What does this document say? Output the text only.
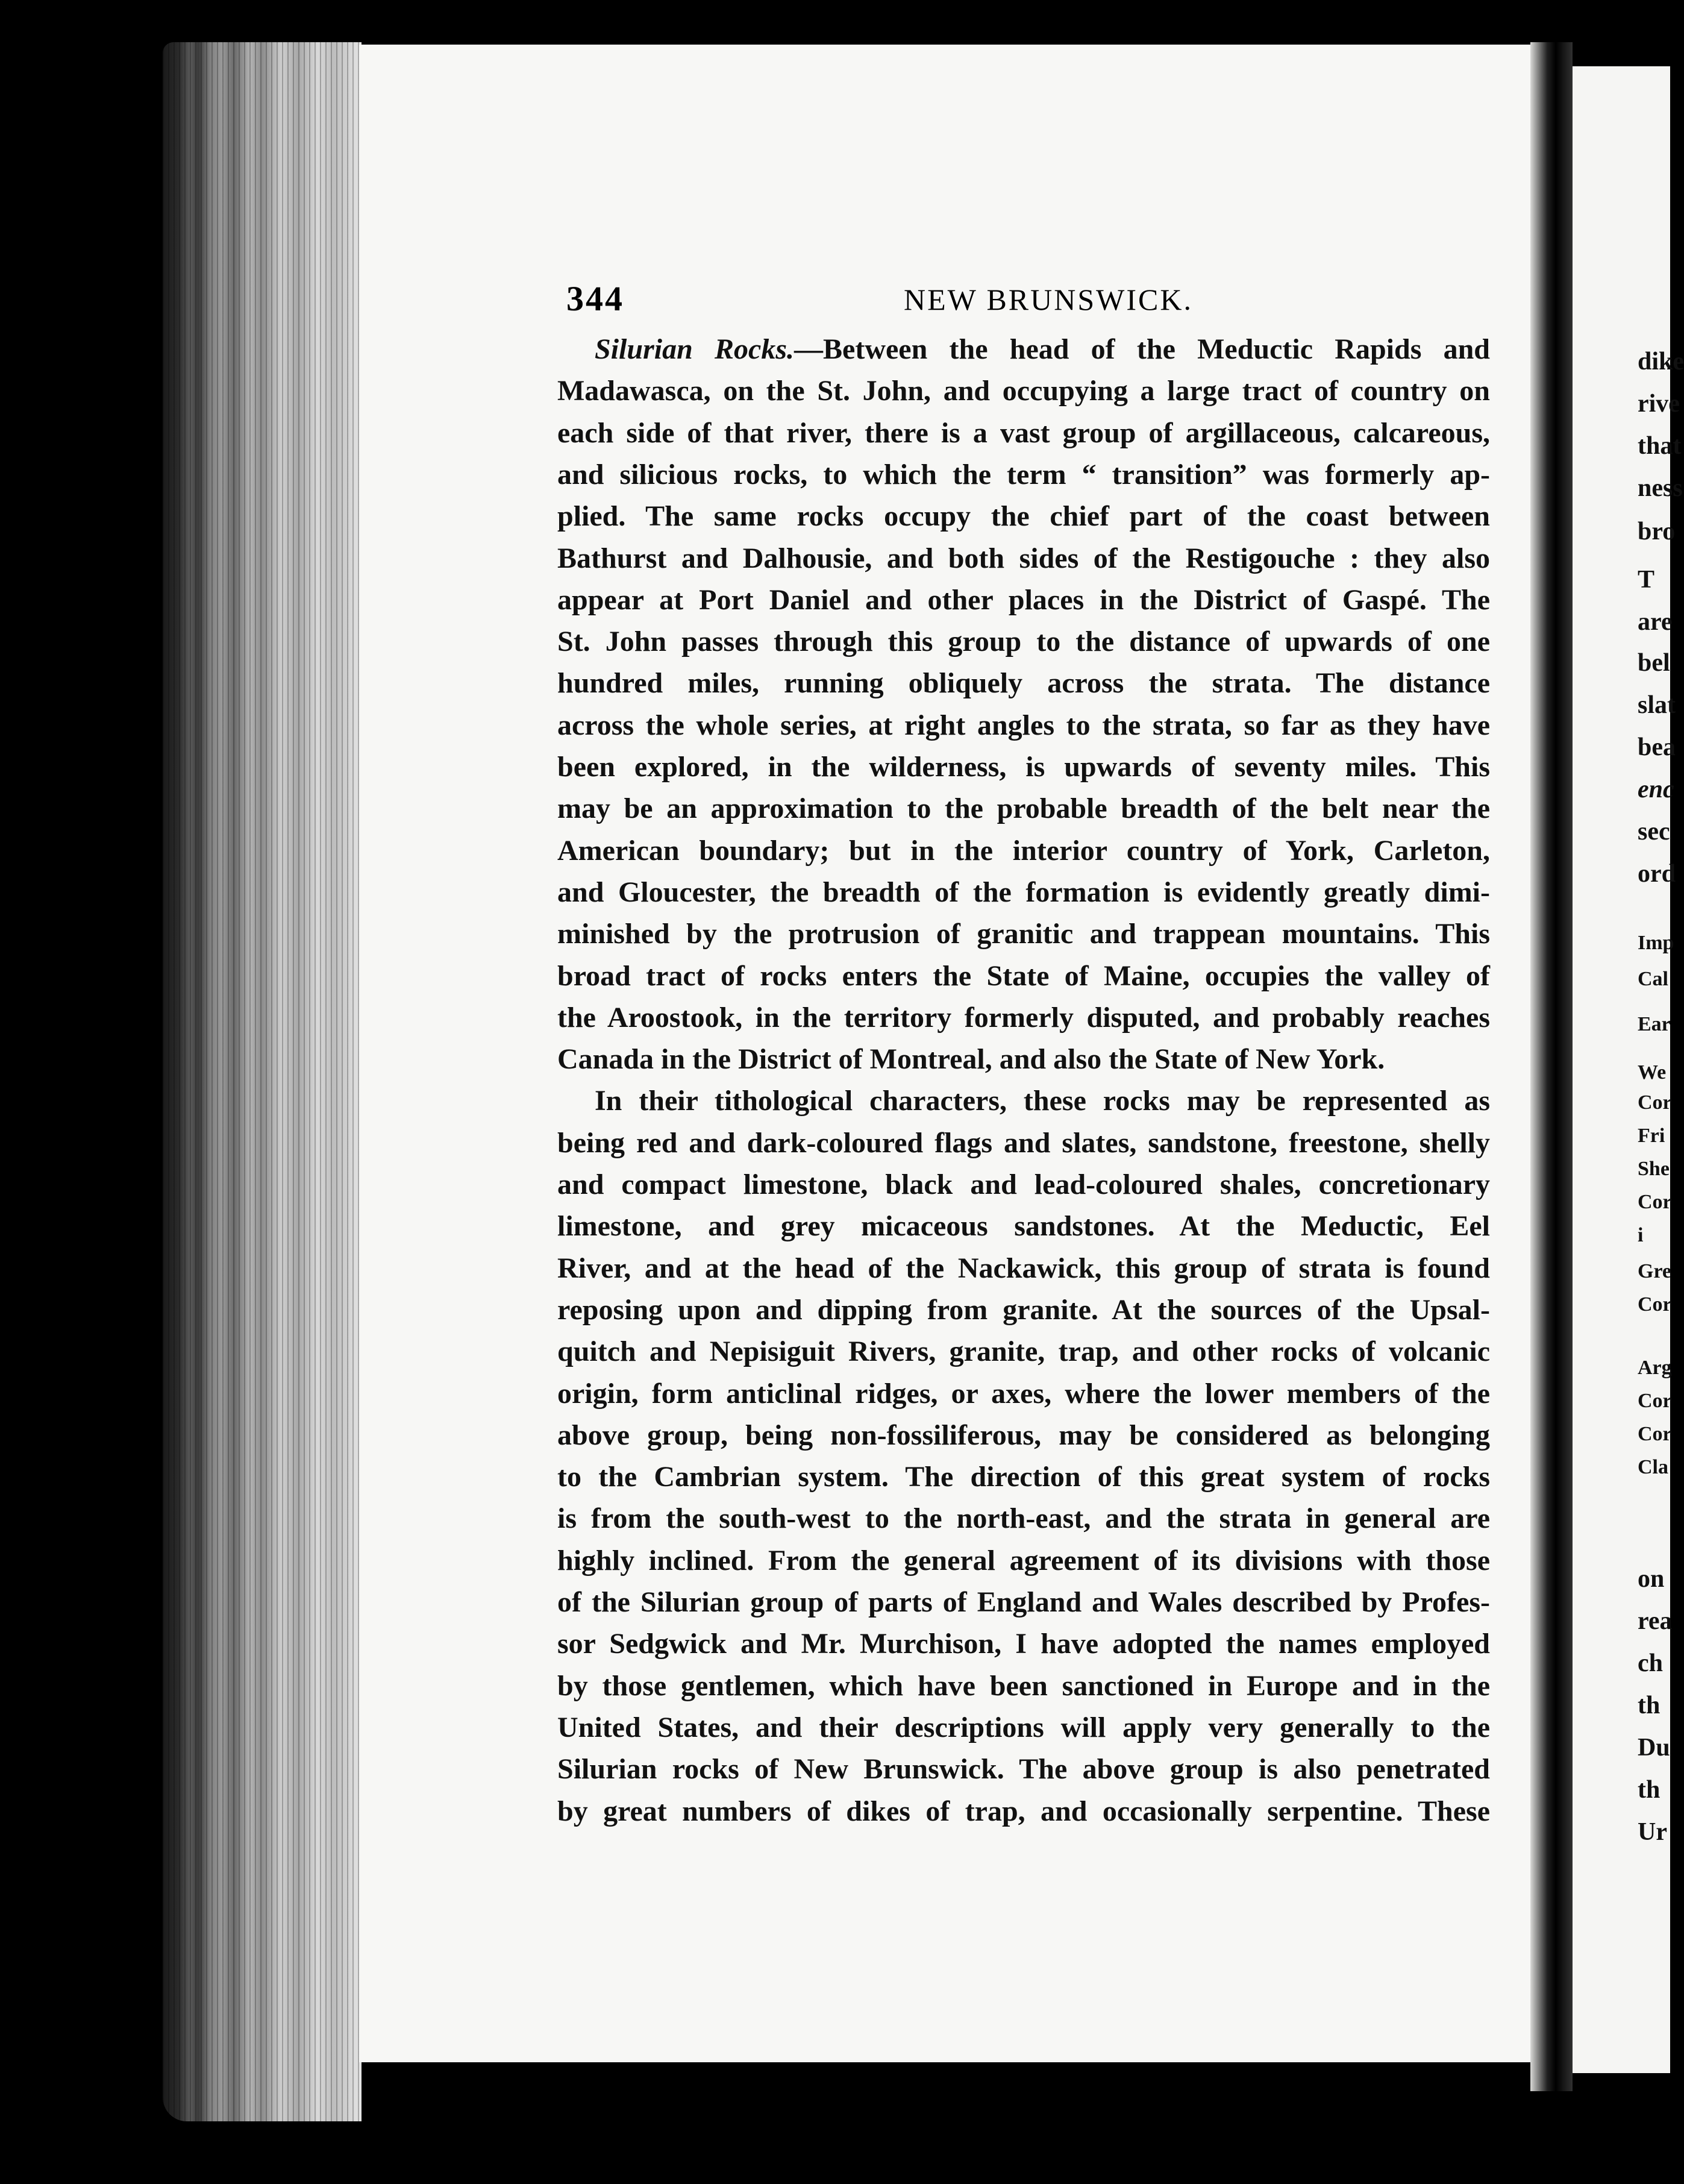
344	NEW BRUNSWICK.
Silurian Rocks.—Between the head of the Meductic Rapids and
Madawasca, on the St. John, and occupying a large tract of country on
each side of that river, there is a vast group of argillaceous, calcareous,
and silicious rocks, to which the term “ transition” was formerly ap-
plied. The same rocks occupy the chief part of the coast between
Bathurst and Dalhousie, and both sides of the Restigouche : they also
appear at Port Daniel and other places in the District of Gaspé. The
St. John passes through this group to the distance of upwards of one
hundred miles, running obliquely across the strata. The distance
across the whole series, at right angles to the strata, so far as they have
been explored, in the wilderness, is upwards of seventy miles. This
may be an approximation to the probable breadth of the belt near the
American boundary; but in the interior country of York, Carleton,
and Gloucester, the breadth of the formation is evidently greatly dimi-
minished by the protrusion of granitic and trappean mountains. This
broad tract of rocks enters the State of Maine, occupies the valley of
the Aroostook, in the territory formerly disputed, and probably reaches
Canada in the District of Montreal, and also the State of New York.
In their tithological characters, these rocks may be represented as
being red and dark-coloured flags and slates, sandstone, freestone, shelly
and compact limestone, black and lead-coloured shales, concretionary
limestone, and grey micaceous sandstones. At the Meductic, Eel
River, and at the head of the Nackawick, this group of strata is found
reposing upon and dipping from granite. At the sources of the Upsal-
quitch and Nepisiguit Rivers, granite, trap, and other rocks of volcanic
origin, form anticlinal ridges, or axes, where the lower members of the
above group, being non-fossiliferous, may be considered as belonging
to the Cambrian system. The direction of this great system of rocks
is from the south-west to the north-east, and the strata in general are
highly inclined. From the general agreement of its divisions with those
of the Silurian group of parts of England and Wales described by Profes-
sor Sedgwick and Mr. Murchison, I have adopted the names employed
by those gentlemen, which have been sanctioned in Europe and in the
United States, and their descriptions will apply very generally to the
Silurian rocks of New Brunswick. The above group is also penetrated
by great numbers of dikes of trap, and occasionally serpentine. These
dike
rive
that
ness
bro
T
are
bel
slat
bea
enc
sec
ord
Imp
Cal
Ear
We
Cor
Fri
She
Cor
i
Gre
Cor
Arg
Cor
Cor
Cla
on
rea
ch
th
Du
th
Ur
